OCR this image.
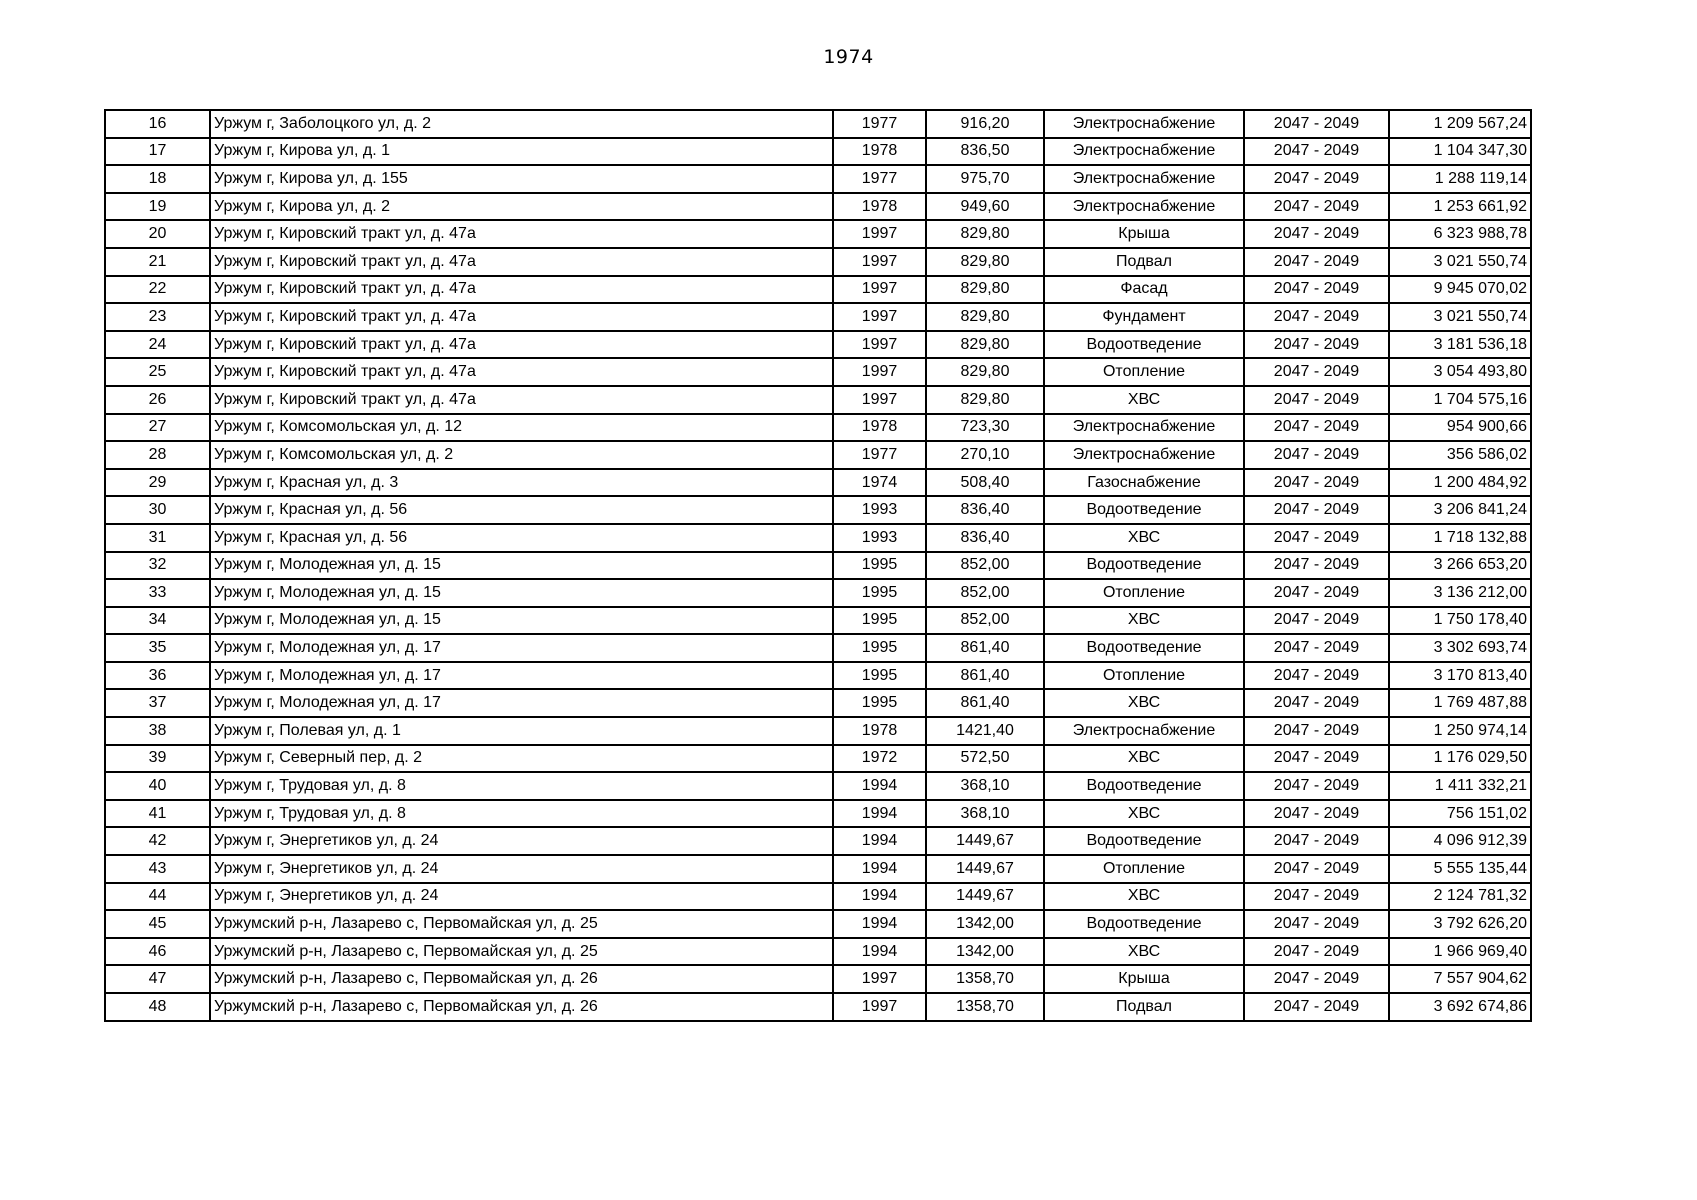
1974
16	Уржум г, Заболоцкого ул, д. 2	1977	916,20	Электроснабжение	2047 - 2049	1 209 567,24
17	Уржум г, Кирова ул, д. 1	1978	836,50	Электроснабжение	2047 - 2049	1 104 347,30
18	Уржум г, Кирова ул, д. 155	1977	975,70	Электроснабжение	2047 - 2049	1 288 119,14
19	Уржум г, Кирова ул, д. 2	1978	949,60	Электроснабжение	2047 - 2049	1 253 661,92
20	Уржум г, Кировский тракт ул, д. 47а	1997	829,80	Крыша	2047 - 2049	6 323 988,78
21	Уржум г, Кировский тракт ул, д. 47а	1997	829,80	Подвал	2047 - 2049	3 021 550,74
22	Уржум г, Кировский тракт ул, д. 47а	1997	829,80	Фасад	2047 - 2049	9 945 070,02
23	Уржум г, Кировский тракт ул, д. 47а	1997	829,80	Фундамент	2047 - 2049	3 021 550,74
24	Уржум г, Кировский тракт ул, д. 47а	1997	829,80	Водоотведение	2047 - 2049	3 181 536,18
25	Уржум г, Кировский тракт ул, д. 47а	1997	829,80	Отопление	2047 - 2049	3 054 493,80
26	Уржум г, Кировский тракт ул, д. 47а	1997	829,80	ХВС	2047 - 2049	1 704 575,16
27	Уржум г, Комсомольская ул, д. 12	1978	723,30	Электроснабжение	2047 - 2049	954 900,66
28	Уржум г, Комсомольская ул, д. 2	1977	270,10	Электроснабжение	2047 - 2049	356 586,02
29	Уржум г, Красная ул, д. 3	1974	508,40	Газоснабжение	2047 - 2049	1 200 484,92
30	Уржум г, Красная ул, д. 56	1993	836,40	Водоотведение	2047 - 2049	3 206 841,24
31	Уржум г, Красная ул, д. 56	1993	836,40	ХВС	2047 - 2049	1 718 132,88
32	Уржум г, Молодежная ул, д. 15	1995	852,00	Водоотведение	2047 - 2049	3 266 653,20
33	Уржум г, Молодежная ул, д. 15	1995	852,00	Отопление	2047 - 2049	3 136 212,00
34	Уржум г, Молодежная ул, д. 15	1995	852,00	ХВС	2047 - 2049	1 750 178,40
35	Уржум г, Молодежная ул, д. 17	1995	861,40	Водоотведение	2047 - 2049	3 302 693,74
36	Уржум г, Молодежная ул, д. 17	1995	861,40	Отопление	2047 - 2049	3 170 813,40
37	Уржум г, Молодежная ул, д. 17	1995	861,40	ХВС	2047 - 2049	1 769 487,88
38	Уржум г, Полевая ул, д. 1	1978	1421,40	Электроснабжение	2047 - 2049	1 250 974,14
39	Уржум г, Северный пер, д. 2	1972	572,50	ХВС	2047 - 2049	1 176 029,50
40	Уржум г, Трудовая ул, д. 8	1994	368,10	Водоотведение	2047 - 2049	1 411 332,21
41	Уржум г, Трудовая ул, д. 8	1994	368,10	ХВС	2047 - 2049	756 151,02
42	Уржум г, Энергетиков ул, д. 24	1994	1449,67	Водоотведение	2047 - 2049	4 096 912,39
43	Уржум г, Энергетиков ул, д. 24	1994	1449,67	Отопление	2047 - 2049	5 555 135,44
44	Уржум г, Энергетиков ул, д. 24	1994	1449,67	ХВС	2047 - 2049	2 124 781,32
45	Уржумский р-н, Лазарево с, Первомайская ул, д. 25	1994	1342,00	Водоотведение	2047 - 2049	3 792 626,20
46	Уржумский р-н, Лазарево с, Первомайская ул, д. 25	1994	1342,00	ХВС	2047 - 2049	1 966 969,40
47	Уржумский р-н, Лазарево с, Первомайская ул, д. 26	1997	1358,70	Крыша	2047 - 2049	7 557 904,62
48	Уржумский р-н, Лазарево с, Первомайская ул, д. 26	1997	1358,70	Подвал	2047 - 2049	3 692 674,86
